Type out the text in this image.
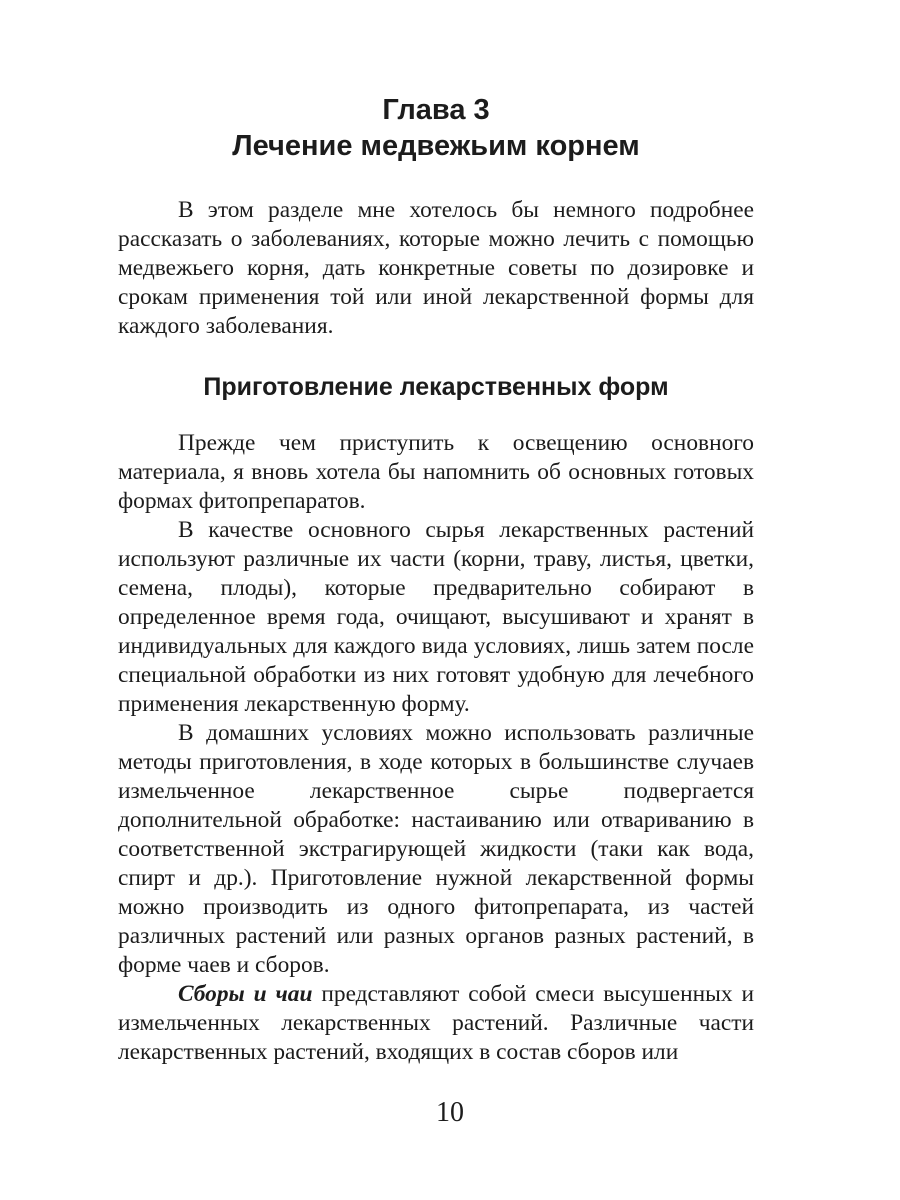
Глава 3
Лечение медвежьим корнем

В этом разделе мне хотелось бы немного подробнее рассказать о заболеваниях, которые можно лечить с помощью медвежьего корня, дать конкретные советы по дозировке и срокам применения той или иной лекарственной формы для каждого заболевания.

Приготовление лекарственных форм

Прежде чем приступить к освещению основного материала, я вновь хотела бы напомнить об основных готовых формах фитопрепаратов.

В качестве основного сырья лекарственных растений используют различные их части (корни, траву, листья, цветки, семена, плоды), которые предварительно собирают в определенное время года, очищают, высушивают и хранят в индивидуальных для каждого вида условиях, лишь затем после специальной обработки из них готовят удобную для лечебного применения лекарственную форму.

В домашних условиях можно использовать различные методы приготовления, в ходе которых в большинстве случаев измельченное лекарственное сырье подвергается дополнительной обработке: настаиванию или отвариванию в соответственной экстрагирующей жидкости (таки как вода, спирт и др.). Приготовление нужной лекарственной формы можно производить из одного фитопрепарата, из частей различных растений или разных органов разных растений, в форме чаев и сборов.

Сборы и чаи представляют собой смеси высушенных и измельченных лекарственных растений. Различные части лекарственных растений, входящих в состав сборов или

10
